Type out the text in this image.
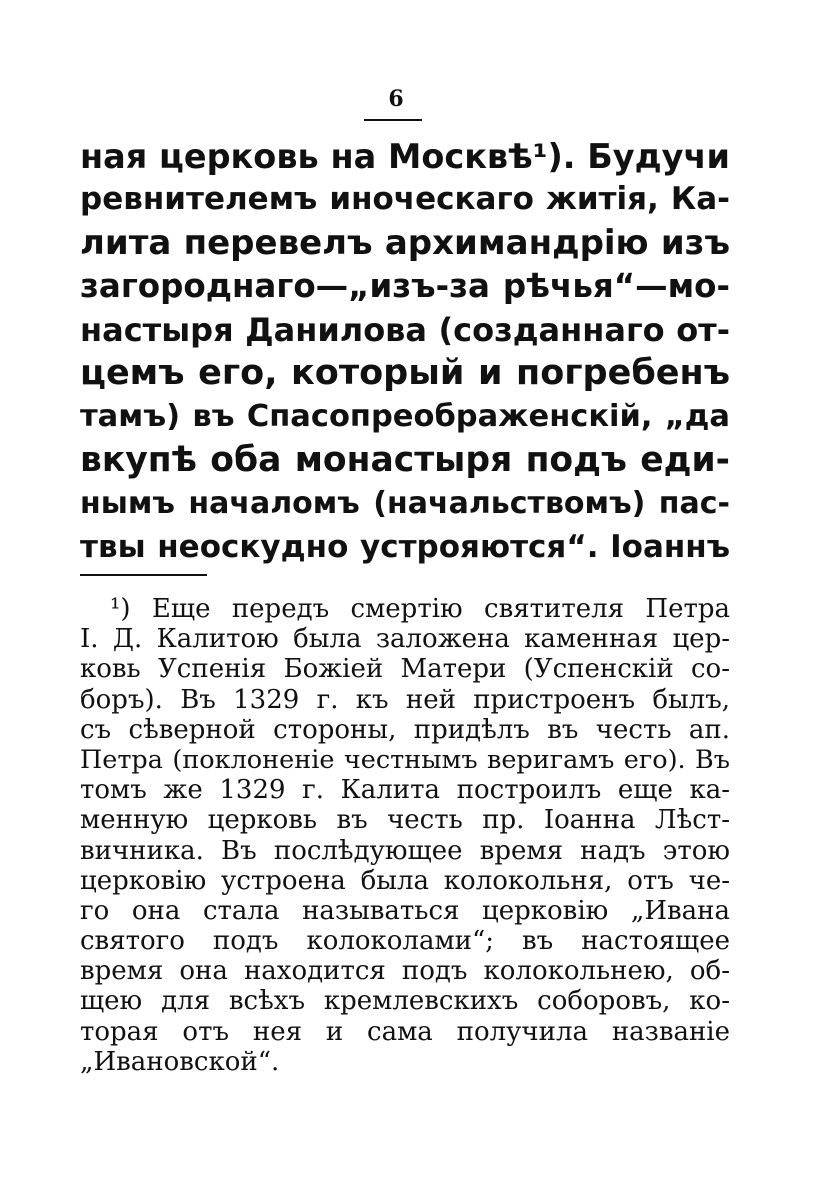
6
ная церковь на Москвѣ¹). Будучи
ревнителемъ иноческаго житія, Ка-
лита перевелъ архимандрію изъ
загороднаго—„изъ-за рѣчья“—мо-
настыря Данилова (созданнаго от-
цемъ его, который и погребенъ
тамъ) въ Спасопреображенскій, „да
вкупѣ оба монастыря подъ еди-
нымъ началомъ (начальствомъ) пас-
твы неоскудно устрояются“. Іоаннъ
¹) Еще передъ смертію святителя Петра
І. Д. Калитою была заложена каменная цер-
ковь Успенія Божіей Матери (Успенскій со-
боръ). Въ 1329 г. къ ней пристроенъ былъ,
съ сѣверной стороны, придѣлъ въ честь ап.
Петра (поклоненіе честнымъ веригамъ его). Въ
томъ же 1329 г. Калита построилъ еще ка-
менную церковь въ честь пр. Іоанна Лѣст-
вичника. Въ послѣдующее время надъ этою
церковію устроена была колокольня, отъ че-
го она стала называться церковію „Ивана
святого подъ колоколами“; въ настоящее
время она находится подъ колокольнею, об-
щею для всѣхъ кремлевскихъ соборовъ, ко-
торая отъ нея и сама получила названіе
„Ивановской“.
